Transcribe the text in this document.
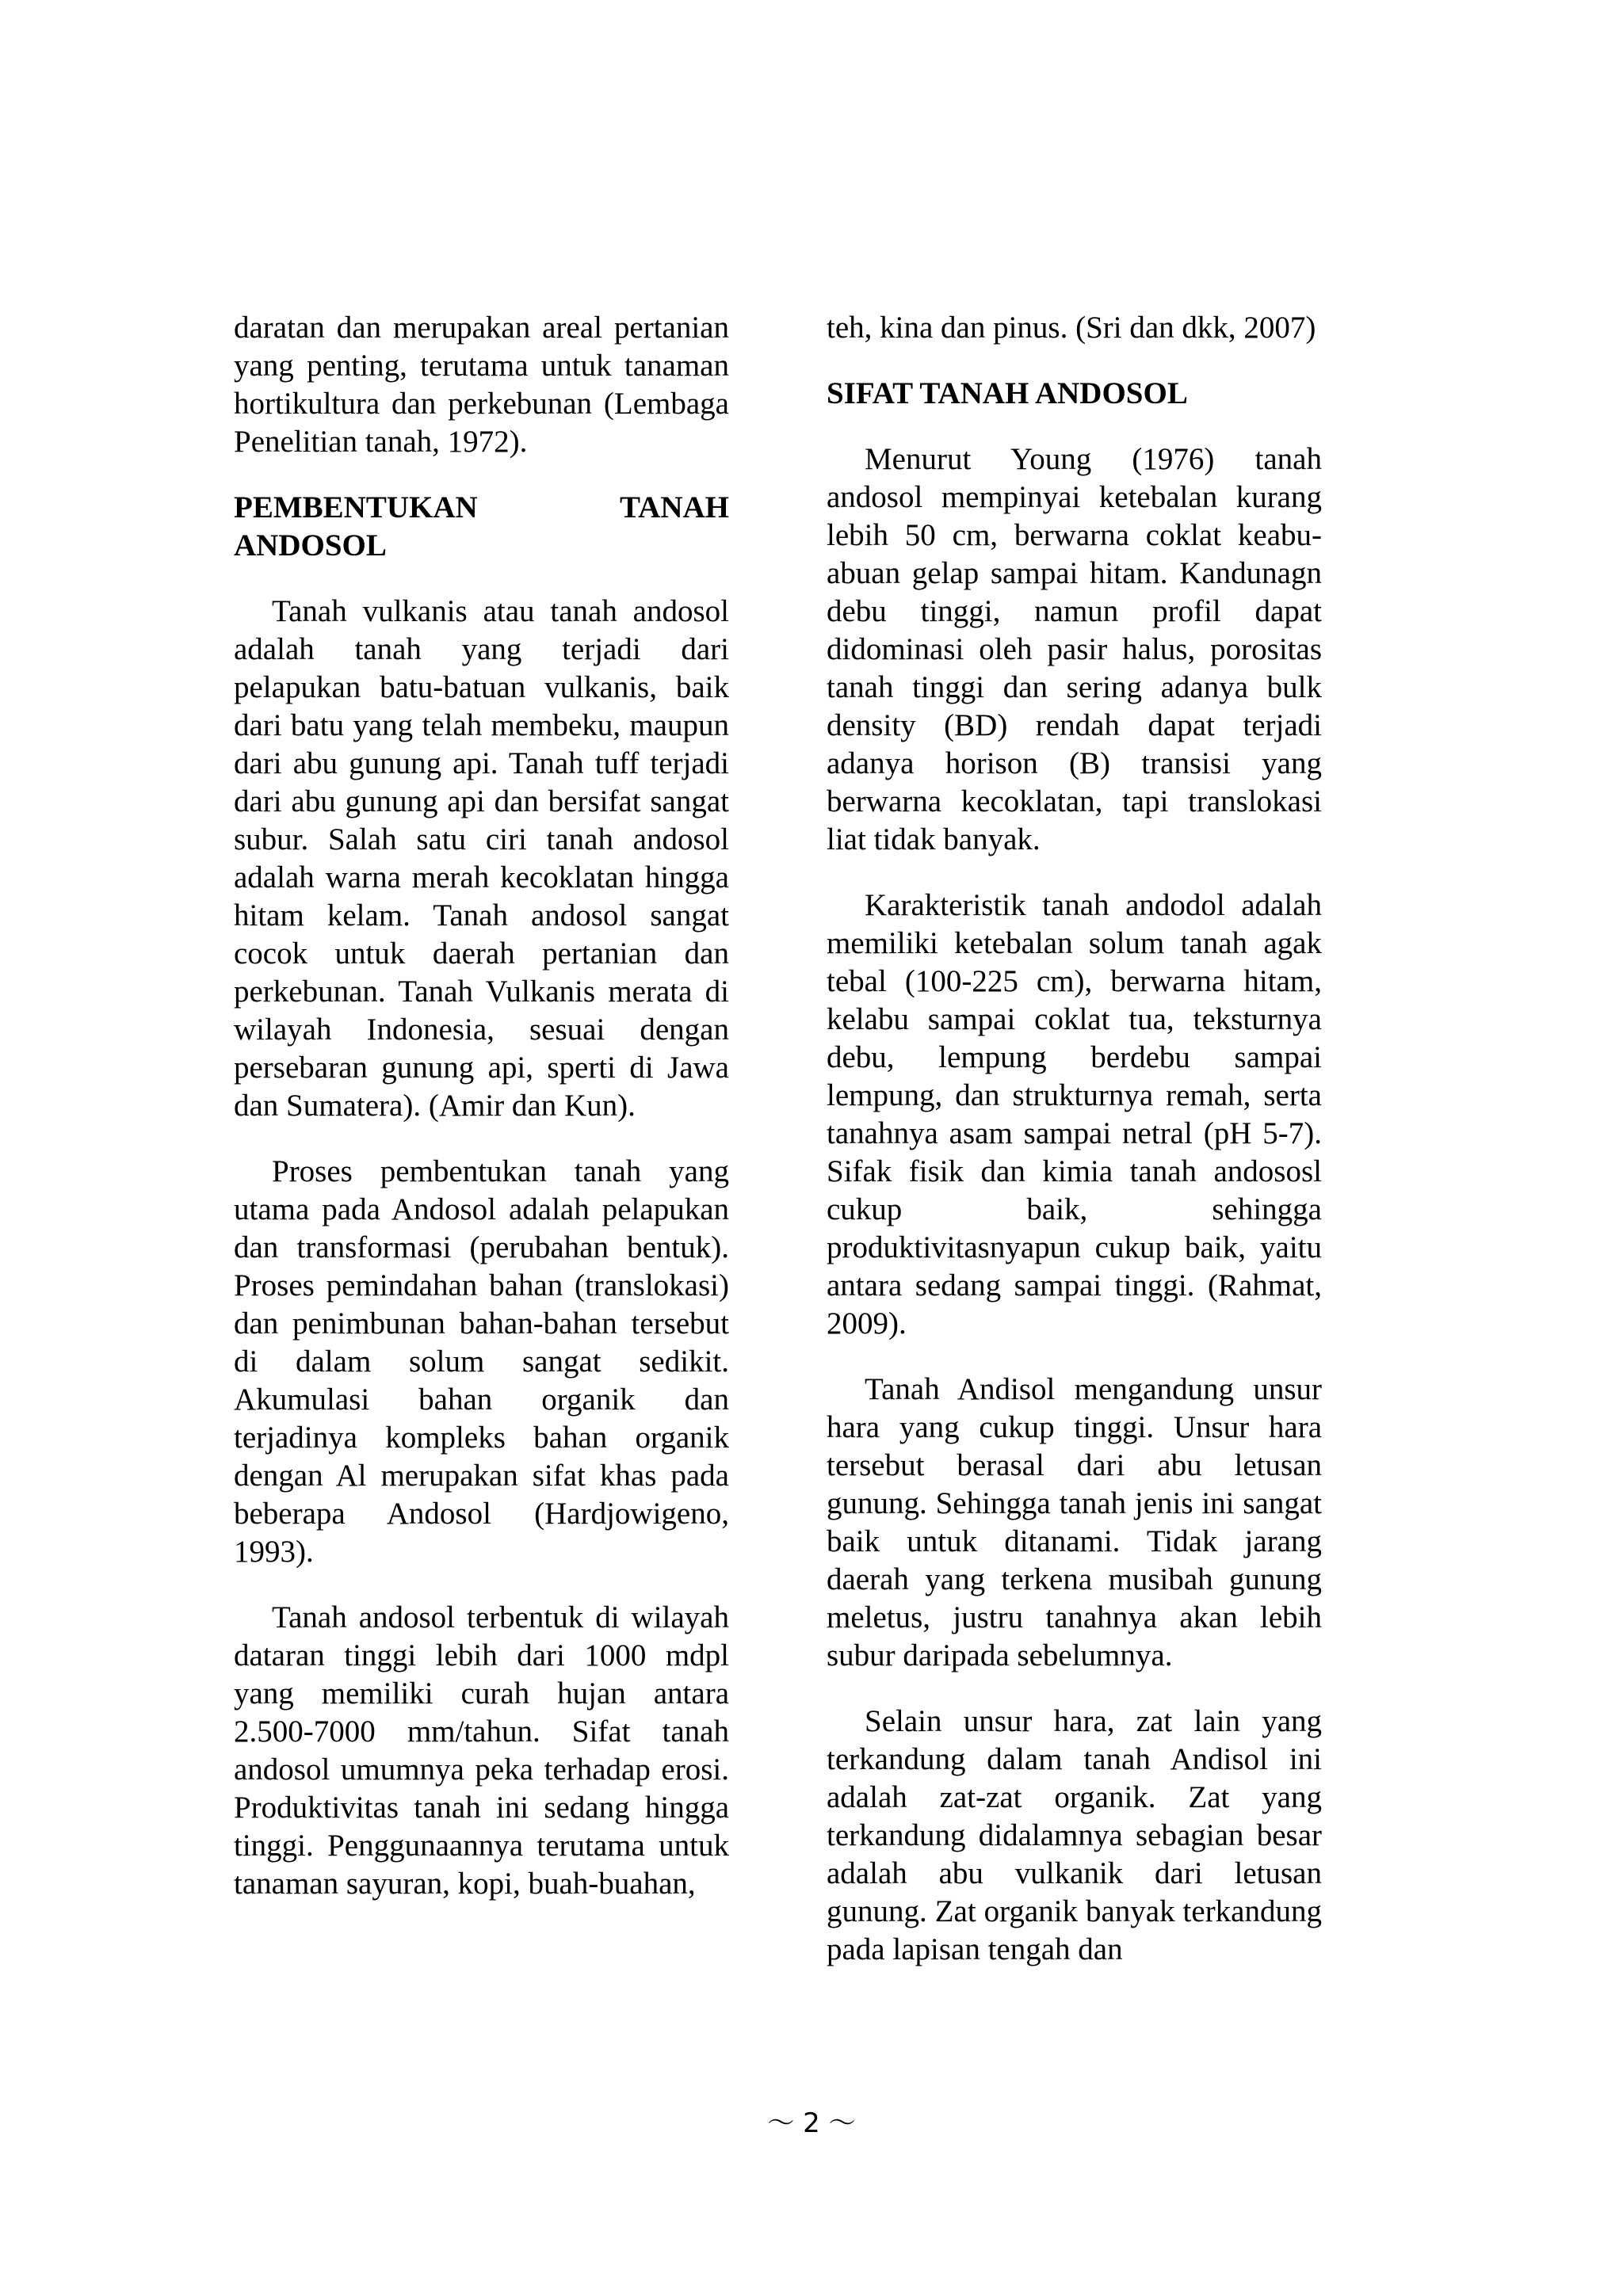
daratan dan merupakan areal pertanian yang penting, terutama untuk tanaman hortikultura dan perkebunan (Lembaga Penelitian tanah, 1972).

PEMBENTUKAN TANAH

ANDOSOL

Tanah vulkanis atau tanah andosol adalah tanah yang terjadi dari pelapukan batu-batuan vulkanis, baik dari batu yang telah membeku, maupun dari abu gunung api. Tanah tuff terjadi dari abu gunung api dan bersifat sangat subur. Salah satu ciri tanah andosol adalah warna merah kecoklatan hingga hitam kelam. Tanah andosol sangat cocok untuk daerah pertanian dan perkebunan. Tanah Vulkanis merata di wilayah Indonesia, sesuai dengan persebaran gunung api, sperti di Jawa dan Sumatera). (Amir dan Kun).

Proses pembentukan tanah yang utama pada Andosol adalah pelapukan dan transformasi (perubahan bentuk). Proses pemindahan bahan (translokasi) dan penimbunan bahan-bahan tersebut di dalam solum sangat sedikit. Akumulasi bahan organik dan terjadinya kompleks bahan organik dengan Al merupakan sifat khas pada beberapa Andosol (Hardjowigeno, 1993).

Tanah andosol terbentuk di wilayah dataran tinggi lebih dari 1000 mdpl yang memiliki curah hujan antara 2.500-7000 mm/tahun. Sifat tanah andosol umumnya peka terhadap erosi. Produktivitas tanah ini sedang hingga tinggi. Penggunaannya terutama untuk tanaman sayuran, kopi, buah-buahan,

teh, kina dan pinus. (Sri dan dkk, 2007)

SIFAT TANAH ANDOSOL

Menurut Young (1976) tanah andosol mempinyai ketebalan kurang lebih 50 cm, berwarna coklat keabu-abuan gelap sampai hitam. Kandunagn debu tinggi, namun profil dapat didominasi oleh pasir halus, porositas tanah tinggi dan sering adanya bulk density (BD) rendah dapat terjadi adanya horison (B) transisi yang berwarna kecoklatan, tapi translokasi liat tidak banyak.

Karakteristik tanah andodol adalah memiliki ketebalan solum tanah agak tebal (100-225 cm), berwarna hitam, kelabu sampai coklat tua, teksturnya debu, lempung berdebu sampai lempung, dan strukturnya remah, serta tanahnya asam sampai netral (pH 5-7). Sifak fisik dan kimia tanah andososl cukup baik, sehingga produktivitasnyapun cukup baik, yaitu antara sedang sampai tinggi. (Rahmat, 2009).

Tanah Andisol mengandung unsur hara yang cukup tinggi. Unsur hara tersebut berasal dari abu letusan gunung. Sehingga tanah jenis ini sangat baik untuk ditanami. Tidak jarang daerah yang terkena musibah gunung meletus, justru tanahnya akan lebih subur daripada sebelumnya.

Selain unsur hara, zat lain yang terkandung dalam tanah Andisol ini adalah zat-zat organik. Zat yang terkandung didalamnya sebagian besar adalah abu vulkanik dari letusan gunung. Zat organik banyak terkandung pada lapisan tengah dan

～ 2 ～
